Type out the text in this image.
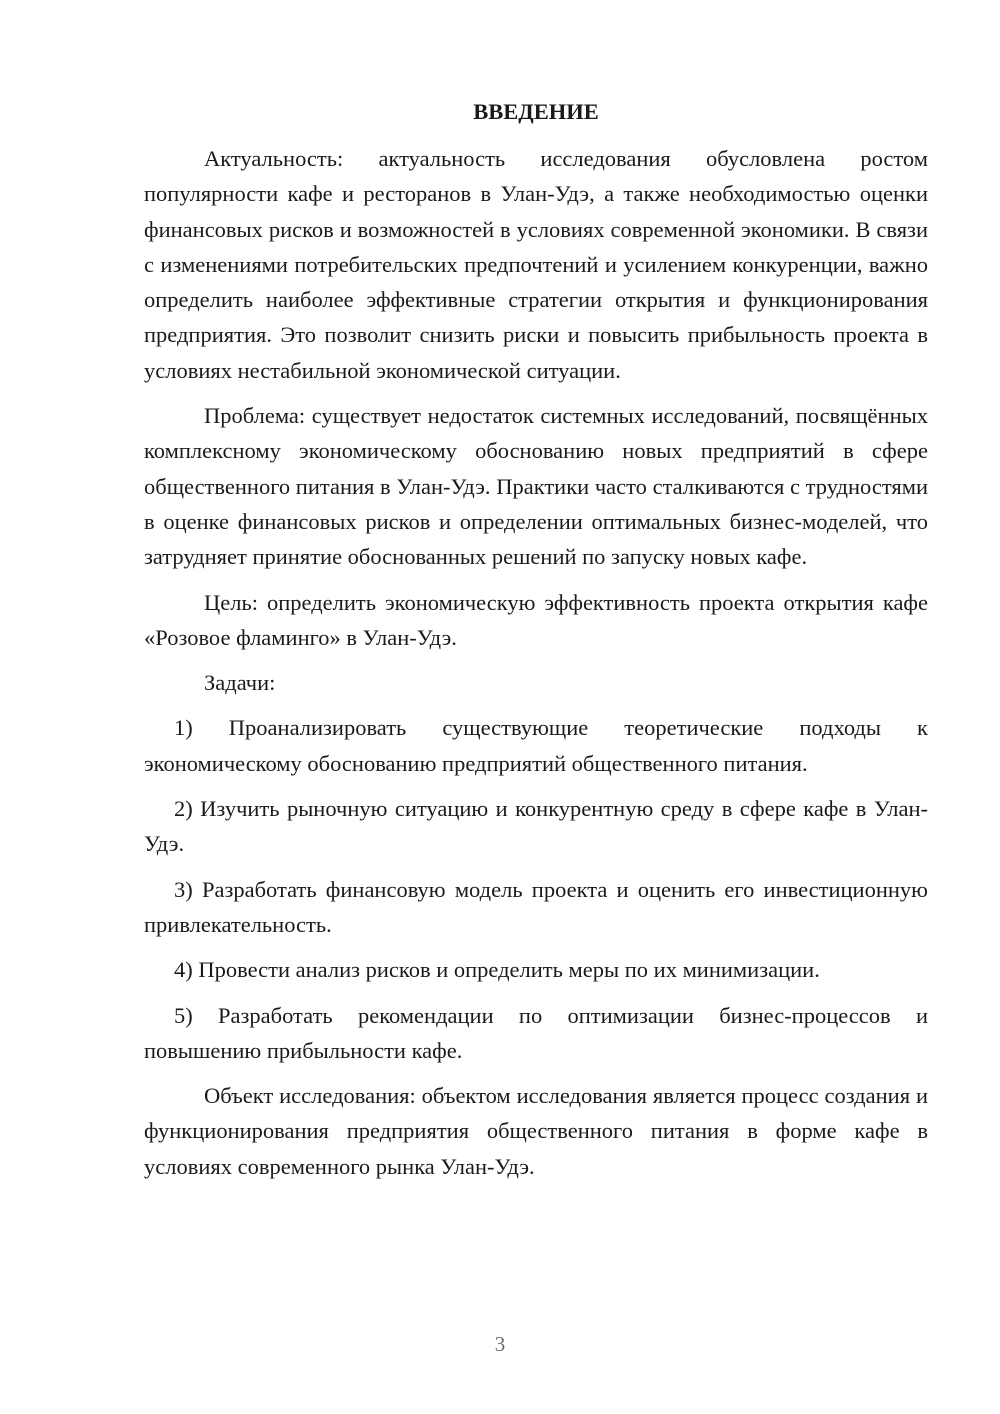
ВВЕДЕНИЕ

Актуальность: актуальность исследования обусловлена ростом популярности кафе и ресторанов в Улан-Удэ, а также необходимостью оценки финансовых рисков и возможностей в условиях современной экономики. В связи с изменениями потребительских предпочтений и усилением конкуренции, важно определить наиболее эффективные стратегии открытия и функционирования предприятия. Это позволит снизить риски и повысить прибыльность проекта в условиях нестабильной экономической ситуации.

Проблема: существует недостаток системных исследований, посвящённых комплексному экономическому обоснованию новых предприятий в сфере общественного питания в Улан-Удэ. Практики часто сталкиваются с трудностями в оценке финансовых рисков и определении оптимальных бизнес-моделей, что затрудняет принятие обоснованных решений по запуску новых кафе.

Цель: определить экономическую эффективность проекта открытия кафе «Розовое фламинго» в Улан-Удэ.

Задачи:

1) Проанализировать существующие теоретические подходы к экономическому обоснованию предприятий общественного питания.

2) Изучить рыночную ситуацию и конкурентную среду в сфере кафе в Улан-Удэ.

3) Разработать финансовую модель проекта и оценить его инвестиционную привлекательность.

4) Провести анализ рисков и определить меры по их минимизации.

5) Разработать рекомендации по оптимизации бизнес-процессов и повышению прибыльности кафе.

Объект исследования: объектом исследования является процесс создания и функционирования предприятия общественного питания в форме кафе в условиях современного рынка Улан-Удэ.

3
